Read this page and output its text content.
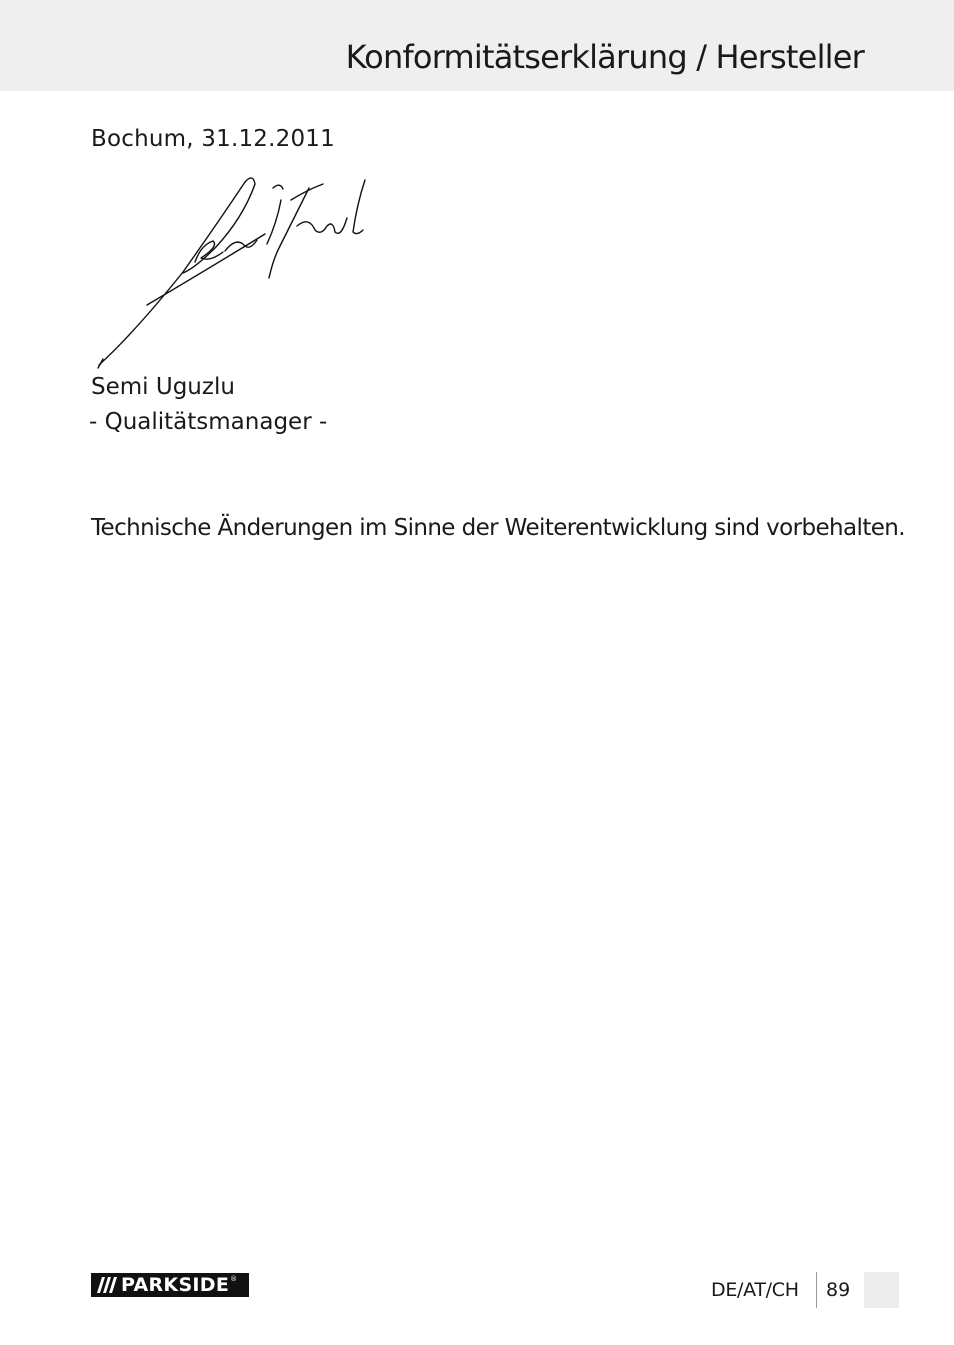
Konformitätserklärung / Hersteller
Bochum, 31.12.2011
Semi Uguzlu
- Qualitätsmanager -
Technische Änderungen im Sinne der Weiterentwicklung sind vorbehalten.
PARKSIDE ®	DE/AT/CH 89
